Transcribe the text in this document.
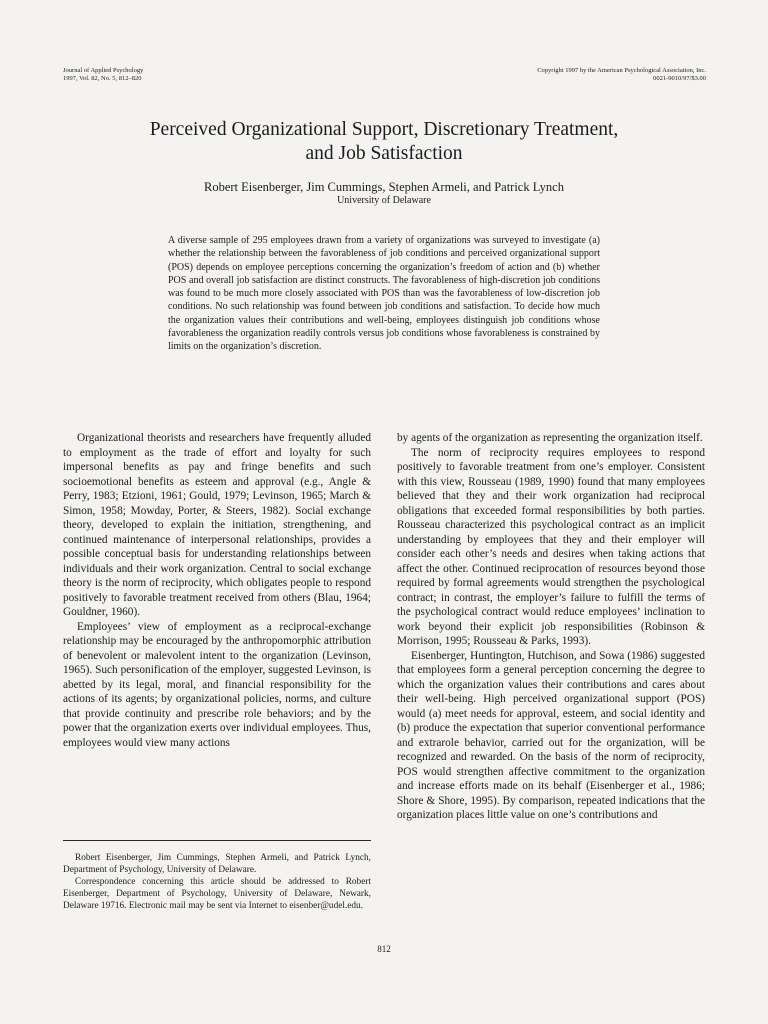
Journal of Applied Psychology
1997, Vol. 82, No. 5, 812–820
Copyright 1997 by the American Psychological Association, Inc.
0021-9010/97/$3.00
Perceived Organizational Support, Discretionary Treatment,
and Job Satisfaction
Robert Eisenberger, Jim Cummings, Stephen Armeli, and Patrick Lynch
University of Delaware
A diverse sample of 295 employees drawn from a variety of organizations was surveyed to investigate (a) whether the relationship between the favorableness of job conditions and perceived organizational support (POS) depends on employee perceptions concerning the organization’s freedom of action and (b) whether POS and overall job satisfaction are distinct constructs. The favorableness of high-discretion job conditions was found to be much more closely associated with POS than was the favorableness of low-discretion job conditions. No such relationship was found between job conditions and satisfaction. To decide how much the organization values their contributions and well-being, employees distinguish job conditions whose favorableness the organization readily controls versus job conditions whose favorableness is constrained by limits on the organization’s discretion.

Organizational theorists and researchers have frequently alluded to employment as the trade of effort and loyalty for such impersonal benefits as pay and fringe benefits and such socioemotional benefits as esteem and approval (e.g., Angle & Perry, 1983; Etzioni, 1961; Gould, 1979; Levinson, 1965; March & Simon, 1958; Mowday, Porter, & Steers, 1982). Social exchange theory, developed to explain the initiation, strengthening, and continued maintenance of interpersonal relationships, provides a possible conceptual basis for understanding relationships between individuals and their work organization. Central to social exchange theory is the norm of reciprocity, which obligates people to respond positively to favorable treatment received from others (Blau, 1964; Gouldner, 1960).

Employees’ view of employment as a reciprocal-exchange relationship may be encouraged by the anthropomorphic attribution of benevolent or malevolent intent to the organization (Levinson, 1965). Such personification of the employer, suggested Levinson, is abetted by its legal, moral, and financial responsibility for the actions of its agents; by organizational policies, norms, and culture that provide continuity and prescribe role behaviors; and by the power that the organization exerts over individual employees. Thus, employees would view many actions

by agents of the organization as representing the organization itself.

The norm of reciprocity requires employees to respond positively to favorable treatment from one’s employer. Consistent with this view, Rousseau (1989, 1990) found that many employees believed that they and their work organization had reciprocal obligations that exceeded formal responsibilities by both parties. Rousseau characterized this psychological contract as an implicit understanding by employees that they and their employer will consider each other’s needs and desires when taking actions that affect the other. Continued reciprocation of resources beyond those required by formal agreements would strengthen the psychological contract; in contrast, the employer’s failure to fulfill the terms of the psychological contract would reduce employees’ inclination to work beyond their explicit job responsibilities (Robinson & Morrison, 1995; Rousseau & Parks, 1993).

Eisenberger, Huntington, Hutchison, and Sowa (1986) suggested that employees form a general perception concerning the degree to which the organization values their contributions and cares about their well-being. High perceived organizational support (POS) would (a) meet needs for approval, esteem, and social identity and (b) produce the expectation that superior conventional performance and extrarole behavior, carried out for the organization, will be recognized and rewarded. On the basis of the norm of reciprocity, POS would strengthen affective commitment to the organization and increase efforts made on its behalf (Eisenberger et al., 1986; Shore & Shore, 1995). By comparison, repeated indications that the organization places little value on one’s contributions and

Robert Eisenberger, Jim Cummings, Stephen Armeli, and Patrick Lynch, Department of Psychology, University of Delaware.

Correspondence concerning this article should be addressed to Robert Eisenberger, Department of Psychology, University of Delaware, Newark, Delaware 19716. Electronic mail may be sent via Internet to eisenber@udel.edu.

812
